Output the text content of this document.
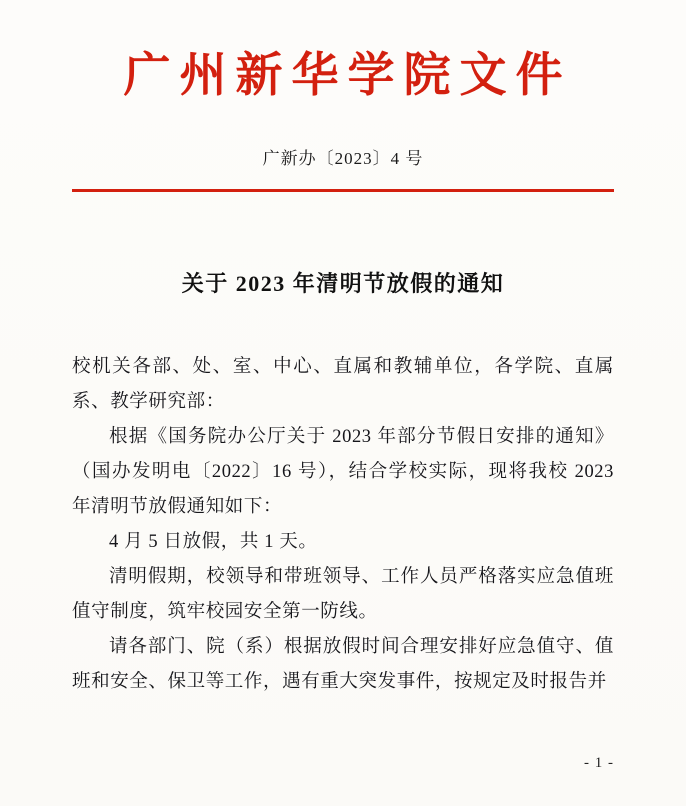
广州新华学院文件
广新办〔2023〕4 号
关于 2023 年清明节放假的通知

校机关各部、处、室、中心、直属和教辅单位，各学院、直属系、教学研究部：

根据《国务院办公厅关于 2023 年部分节假日安排的通知》（国办发明电〔2022〕16 号），结合学校实际，现将我校 2023 年清明节放假通知如下：

4 月 5 日放假，共 1 天。

清明假期，校领导和带班领导、工作人员严格落实应急值班值守制度，筑牢校园安全第一防线。

请各部门、院（系）根据放假时间合理安排好应急值守、值班和安全、保卫等工作，遇有重大突发事件，按规定及时报告并

- 1 -
